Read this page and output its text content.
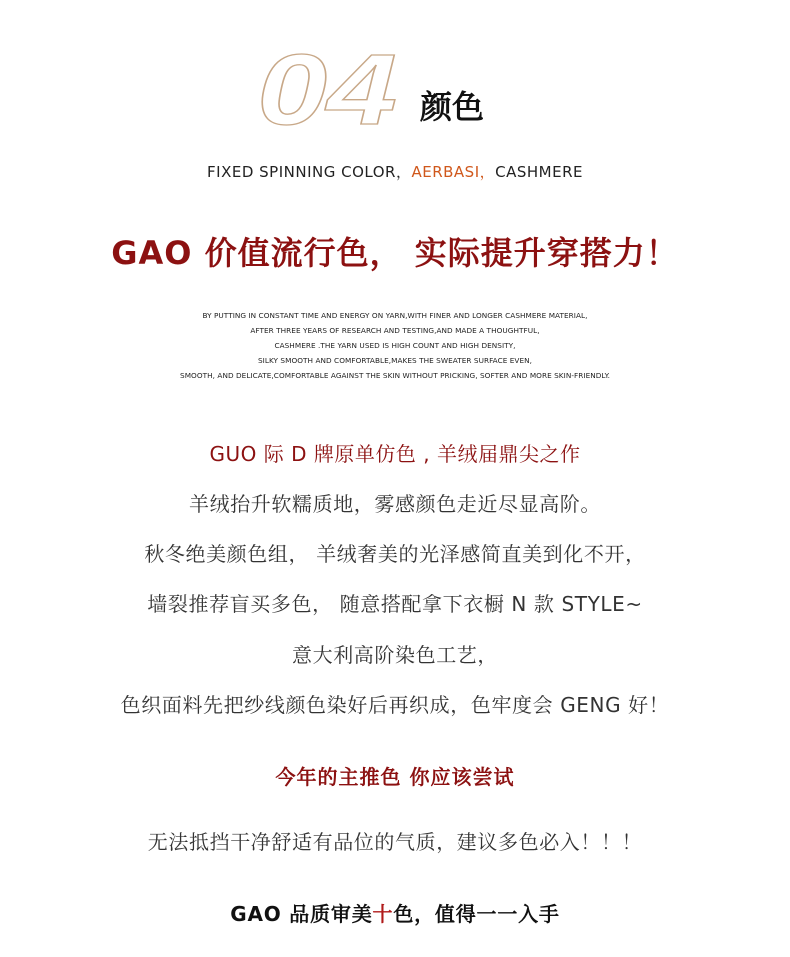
04 颜色
FIXED SPINNING COLOR，AERBASI，CASHMERE
GAO 价值流行色， 实际提升穿搭力！
BY PUTTING IN CONSTANT TIME AND ENERGY ON YARN,WITH FINER AND LONGER CASHMERE MATERIAL,
AFTER THREE YEARS OF RESEARCH AND TESTING,AND MADE A THOUGHTFUL,
CASHMERE .THE YARN USED IS HIGH COUNT AND HIGH DENSITY,
SILKY SMOOTH AND COMFORTABLE,MAKES THE SWEATER SURFACE EVEN,
SMOOTH, AND DELICATE,COMFORTABLE AGAINST THE SKIN WITHOUT PRICKING, SOFTER AND MORE SKIN-FRIENDLY.
GUO 际 D 牌原单仿色 , 羊绒届鼎尖之作
羊绒抬升软糯质地，雾感颜色走近尽显高阶。
秋冬绝美颜色组， 羊绒奢美的光泽感简直美到化不开，
墙裂推荐盲买多色， 随意搭配拿下衣橱 N 款 STYLE~
意大利高阶染色工艺，
色织面料先把纱线颜色染好后再织成，色牢度会 GENG 好！
今年的主推色 你应该尝试
无法抵挡干净舒适有品位的气质，建议多色必入！！！
GAO 品质审美十色，值得一一入手
